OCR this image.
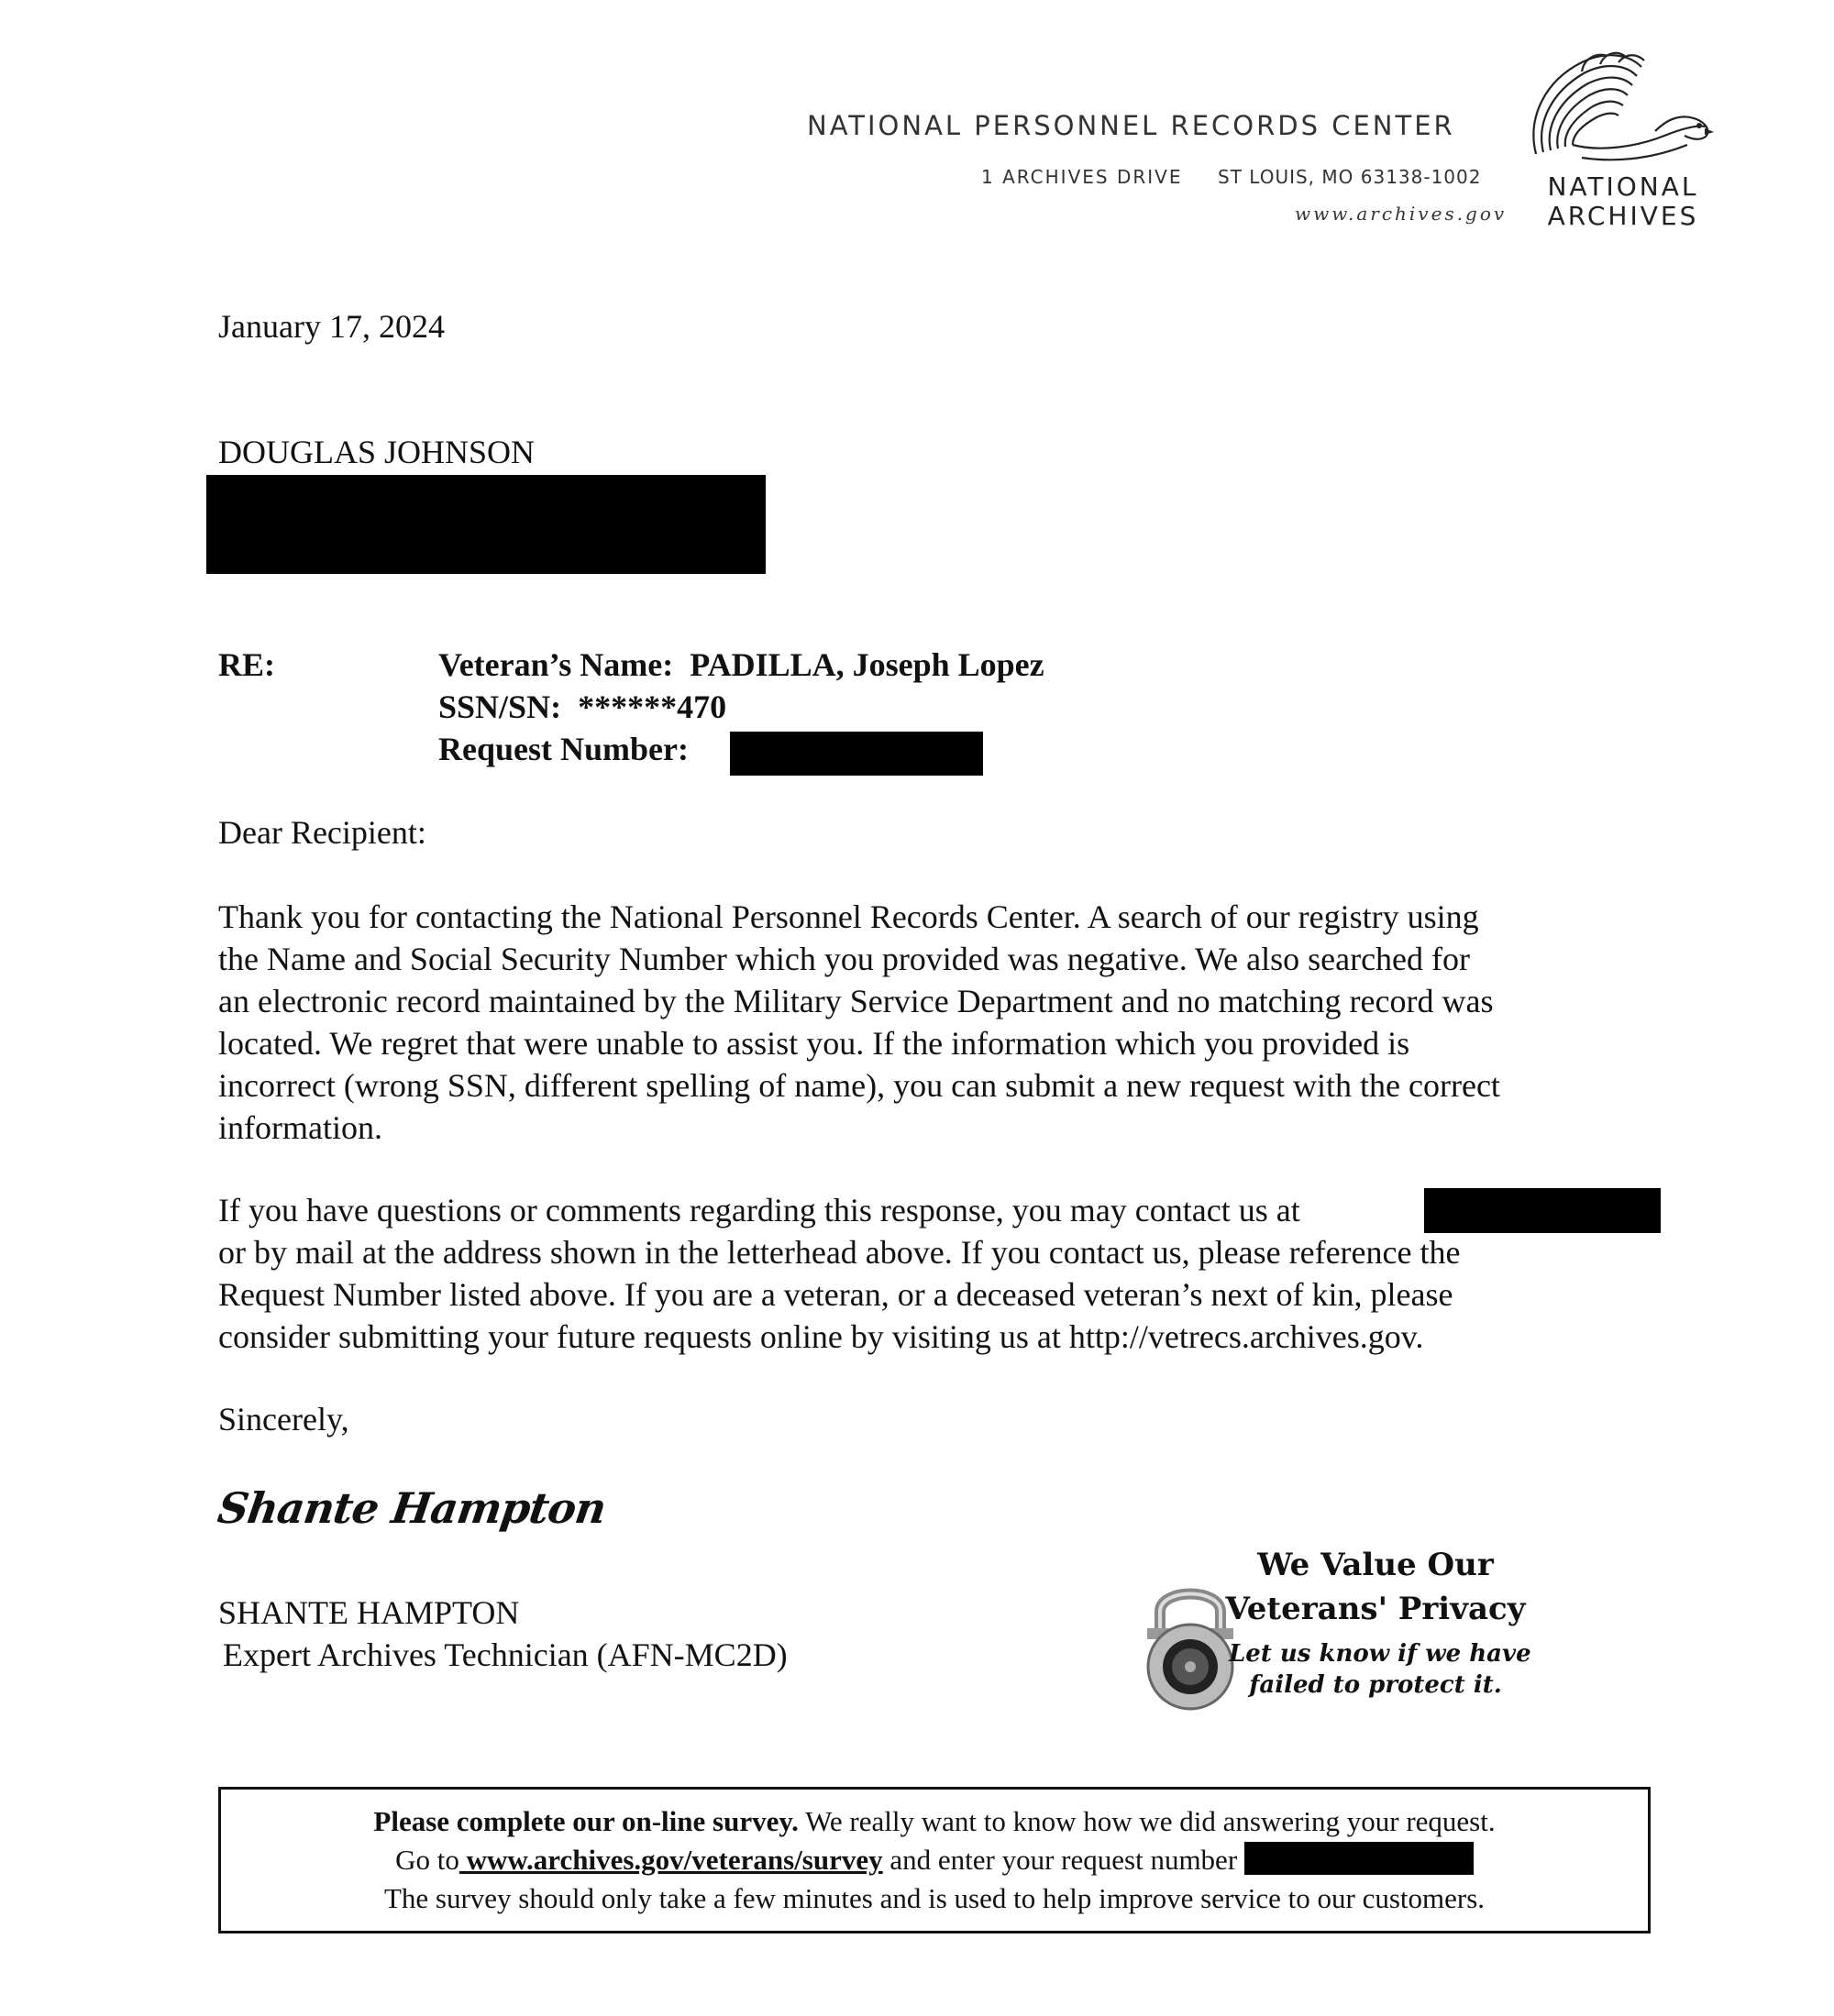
NATIONAL PERSONNEL RECORDS CENTER
1 ARCHIVES DRIVE ST LOUIS, MO 63138-1002
www.archives.gov
NATIONAL
ARCHIVES
January 17, 2024
DOUGLAS JOHNSON
RE:	Veteran’s Name: PADILLA, Joseph Lopez
SSN/SN: ******470
Request Number:
Dear Recipient:
Thank you for contacting the National Personnel Records Center. A search of our registry using
the Name and Social Security Number which you provided was negative. We also searched for
an electronic record maintained by the Military Service Department and no matching record was
located. We regret that were unable to assist you. If the information which you provided is
incorrect (wrong SSN, different spelling of name), you can submit a new request with the correct
information.
If you have questions or comments regarding this response, you may contact us at
or by mail at the address shown in the letterhead above. If you contact us, please reference the
Request Number listed above. If you are a veteran, or a deceased veteran’s next of kin, please
consider submitting your future requests online by visiting us at http://vetrecs.archives.gov.
Sincerely,
Shante Hampton
SHANTE HAMPTON
Expert Archives Technician (AFN-MC2D)
We Value Our
Veterans' Privacy
Let us know if we have
failed to protect it.
Please complete our on-line survey. We really want to know how we did answering your request.
Go to www.archives.gov/veterans/survey and enter your request number
The survey should only take a few minutes and is used to help improve service to our customers.
